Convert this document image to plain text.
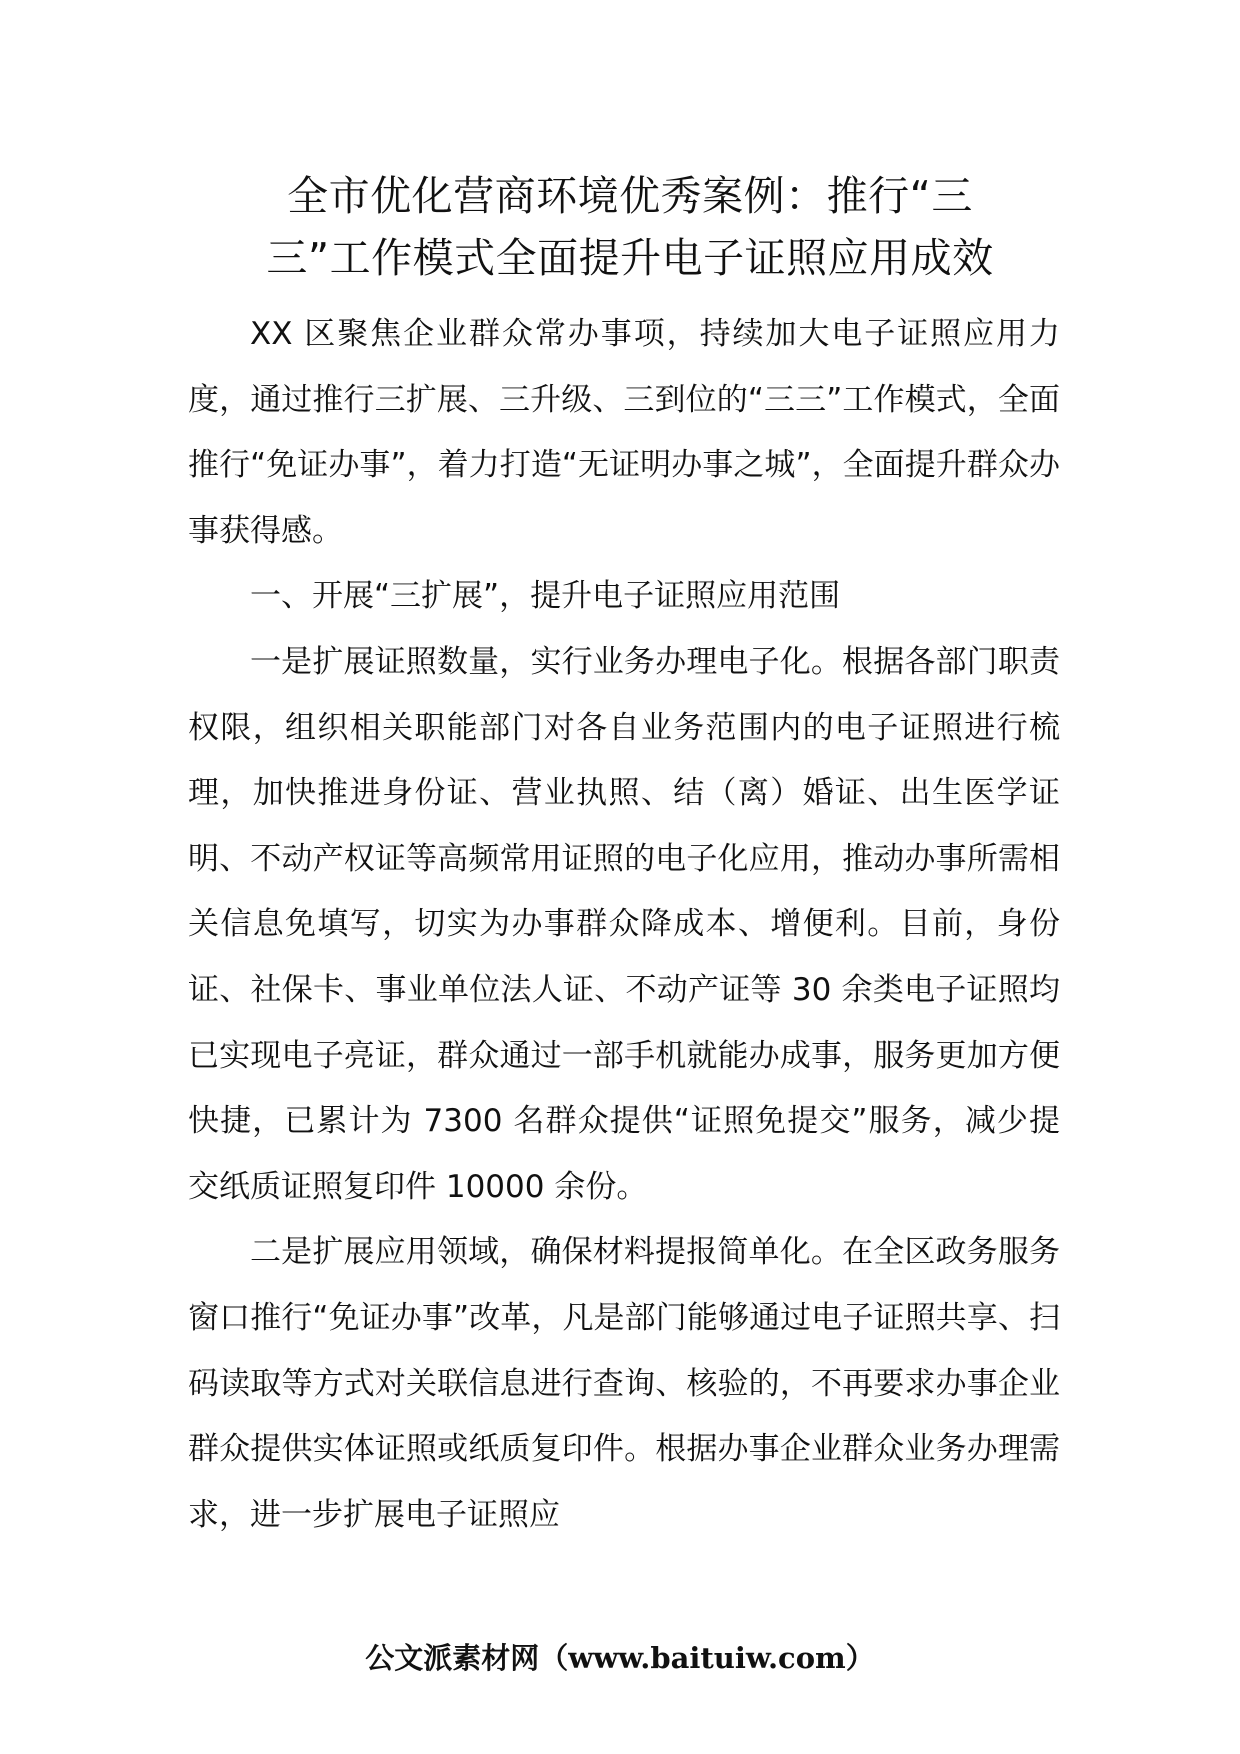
全市优化营商环境优秀案例：推行“三
三”工作模式全面提升电子证照应用成效

XX 区聚焦企业群众常办事项，持续加大电子证照应用力度，通过推行三扩展、三升级、三到位的“三三”工作模式，全面推行“免证办事”，着力打造“无证明办事之城”，全面提升群众办事获得感。

一、开展“三扩展”，提升电子证照应用范围

一是扩展证照数量，实行业务办理电子化。根据各部门职责权限，组织相关职能部门对各自业务范围内的电子证照进行梳理，加快推进身份证、营业执照、结（离）婚证、出生医学证明、不动产权证等高频常用证照的电子化应用，推动办事所需相关信息免填写，切实为办事群众降成本、增便利。目前，身份证、社保卡、事业单位法人证、不动产证等 30 余类电子证照均已实现电子亮证，群众通过一部手机就能办成事，服务更加方便快捷，已累计为 7300 名群众提供“证照免提交”服务，减少提交纸质证照复印件 10000 余份。

二是扩展应用领域，确保材料提报简单化。在全区政务服务窗口推行“免证办事”改革，凡是部门能够通过电子证照共享、扫码读取等方式对关联信息进行查询、核验的，不再要求办事企业群众提供实体证照或纸质复印件。根据办事企业群众业务办理需求，进一步扩展电子证照应

公文派素材网（www.baituiw.com）
